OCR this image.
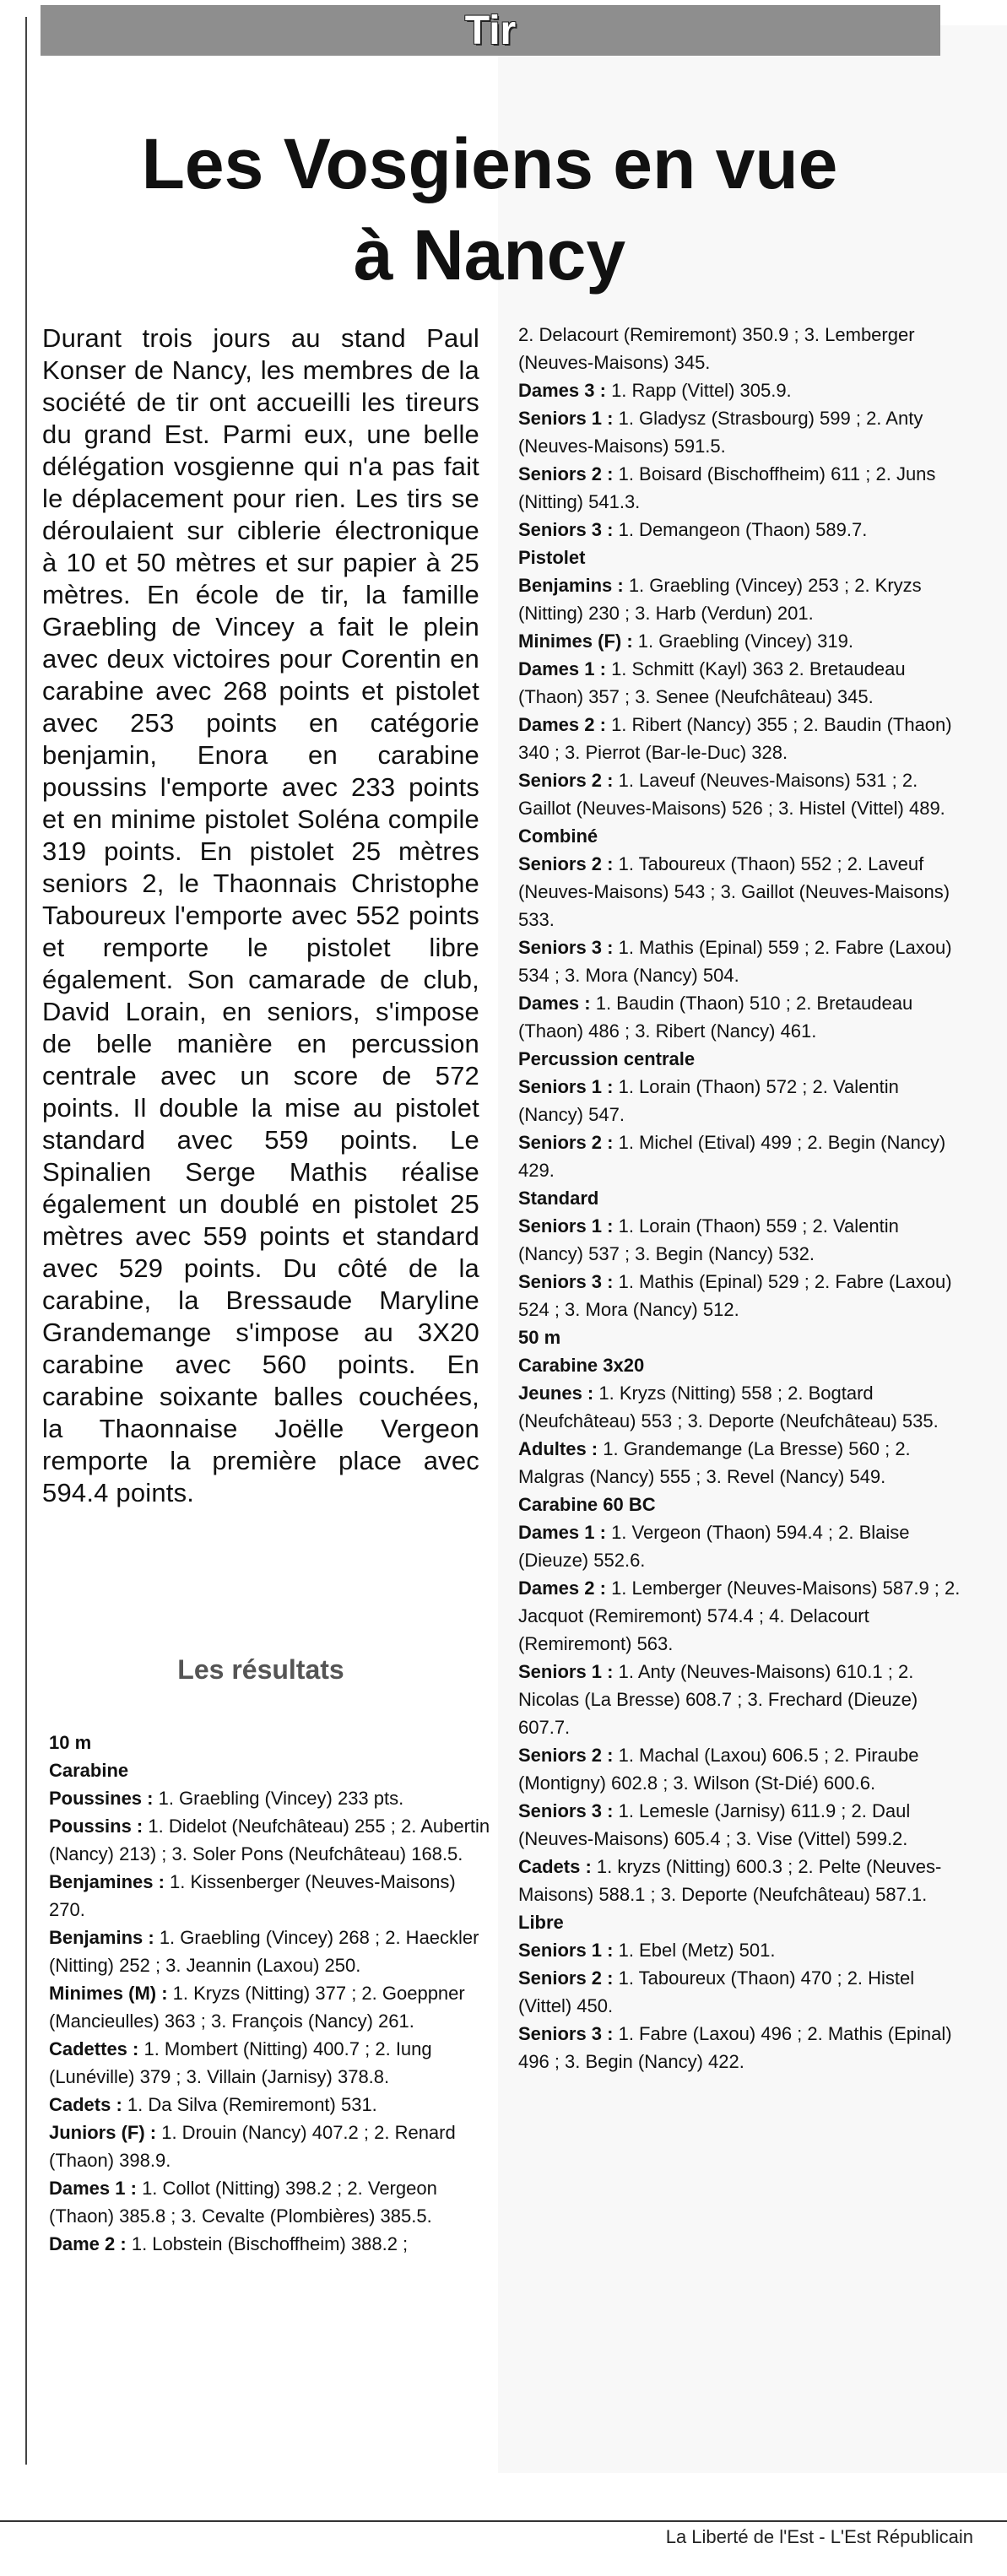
Tir
Les Vosgiens en vue
à Nancy

Durant trois jours au stand Paul Konser de Nancy, les membres de la société de tir ont accueilli les tireurs du grand Est. Parmi eux, une belle délégation vosgienne qui n'a pas fait le déplacement pour rien. Les tirs se déroulaient sur ciblerie électronique à 10 et 50 mètres et sur papier à 25 mètres. En école de tir, la famille Graebling de Vincey a fait le plein avec deux victoires pour Corentin en carabine avec 268 points et pistolet avec 253 points en catégorie benjamin, Enora en carabine poussins l'emporte avec 233 points et en minime pistolet Soléna compile 319 points. En pistolet 25 mètres seniors 2, le Thaonnais Christophe Taboureux l'emporte avec 552 points et remporte le pistolet libre également. Son camarade de club, David Lorain, en seniors, s'impose de belle manière en percussion centrale avec un score de 572 points. Il double la mise au pistolet standard avec 559 points. Le Spinalien Serge Mathis réalise également un doublé en pistolet 25 mètres avec 559 points et standard avec 529 points. Du côté de la carabine, la Bressaude Maryline Grandemange s'impose au 3X20 carabine avec 560 points. En carabine soixante balles couchées, la Thaonnaise Joëlle Vergeon remporte la première place avec 594.4 points.

Les résultats

10 m

Carabine

Poussines : 1. Graebling (Vincey) 233 pts.

Poussins : 1. Didelot (Neufchâteau) 255 ; 2. Aubertin (Nancy) 213) ; 3. Soler Pons (Neufchâteau) 168.5.

Benjamines : 1. Kissenberger (Neuves-Maisons) 270.

Benjamins : 1. Graebling (Vincey) 268 ; 2. Haeckler (Nitting) 252 ; 3. Jeannin (Laxou) 250.

Minimes (M) : 1. Kryzs (Nitting) 377 ; 2. Goeppner (Mancieulles) 363 ; 3. François (Nancy) 261.

Cadettes : 1. Mombert (Nitting) 400.7 ; 2. Iung (Lunéville) 379 ; 3. Villain (Jarnisy) 378.8.

Cadets : 1. Da Silva (Remiremont) 531.

Juniors (F) : 1. Drouin (Nancy) 407.2 ; 2. Renard (Thaon) 398.9.

Dames 1 : 1. Collot (Nitting) 398.2 ; 2. Vergeon (Thaon) 385.8 ; 3. Cevalte (Plombières) 385.5.

Dame 2 : 1. Lobstein (Bischoffheim) 388.2 ;

2. Delacourt (Remiremont) 350.9 ; 3. Lemberger (Neuves-Maisons) 345.

Dames 3 : 1. Rapp (Vittel) 305.9.

Seniors 1 : 1. Gladysz (Strasbourg) 599 ; 2. Anty (Neuves-Maisons) 591.5.

Seniors 2 : 1. Boisard (Bischoffheim) 611 ; 2. Juns (Nitting) 541.3.

Seniors 3 : 1. Demangeon (Thaon) 589.7.

Pistolet

Benjamins : 1. Graebling (Vincey) 253 ; 2. Kryzs (Nitting) 230 ; 3. Harb (Verdun) 201.

Minimes (F) : 1. Graebling (Vincey) 319.

Dames 1 : 1. Schmitt (Kayl) 363 2. Bretaudeau (Thaon) 357 ; 3. Senee (Neufchâteau) 345.

Dames 2 : 1. Ribert (Nancy) 355 ; 2. Baudin (Thaon) 340 ; 3. Pierrot (Bar-le-Duc) 328.

Seniors 2 : 1. Laveuf (Neuves-Maisons) 531 ; 2. Gaillot (Neuves-Maisons) 526 ; 3. Histel (Vittel) 489.

Combiné

Seniors 2 : 1. Taboureux (Thaon) 552 ; 2. Laveuf (Neuves-Maisons) 543 ; 3. Gaillot (Neuves-Maisons) 533.

Seniors 3 : 1. Mathis (Epinal) 559 ; 2. Fabre (Laxou) 534 ; 3. Mora (Nancy) 504.

Dames : 1. Baudin (Thaon) 510 ; 2. Bretaudeau (Thaon) 486 ; 3. Ribert (Nancy) 461.

Percussion centrale

Seniors 1 : 1. Lorain (Thaon) 572 ; 2. Valentin (Nancy) 547.

Seniors 2 : 1. Michel (Etival) 499 ; 2. Begin (Nancy) 429.

Standard

Seniors 1 : 1. Lorain (Thaon) 559 ; 2. Valentin (Nancy) 537 ; 3. Begin (Nancy) 532.

Seniors 3 : 1. Mathis (Epinal) 529 ; 2. Fabre (Laxou) 524 ; 3. Mora (Nancy) 512.

50 m

Carabine 3x20

Jeunes : 1. Kryzs (Nitting) 558 ; 2. Bogtard (Neufchâteau) 553 ; 3. Deporte (Neufchâteau) 535.

Adultes : 1. Grandemange (La Bresse) 560 ; 2. Malgras (Nancy) 555 ; 3. Revel (Nancy) 549.

Carabine 60 BC

Dames 1 : 1. Vergeon (Thaon) 594.4 ; 2. Blaise (Dieuze) 552.6.

Dames 2 : 1. Lemberger (Neuves-Maisons) 587.9 ; 2. Jacquot (Remiremont) 574.4 ; 4. Delacourt (Remiremont) 563.

Seniors 1 : 1. Anty (Neuves-Maisons) 610.1 ; 2. Nicolas (La Bresse) 608.7 ; 3. Frechard (Dieuze) 607.7.

Seniors 2 : 1. Machal (Laxou) 606.5 ; 2. Piraube (Montigny) 602.8 ; 3. Wilson (St-Dié) 600.6.

Seniors 3 : 1. Lemesle (Jarnisy) 611.9 ; 2. Daul (Neuves-Maisons) 605.4 ; 3. Vise (Vittel) 599.2.

Cadets : 1. kryzs (Nitting) 600.3 ; 2. Pelte (Neuves-Maisons) 588.1 ; 3. Deporte (Neufchâteau) 587.1.

Libre

Seniors 1 : 1. Ebel (Metz) 501.

Seniors 2 : 1. Taboureux (Thaon) 470 ; 2. Histel (Vittel) 450.

Seniors 3 : 1. Fabre (Laxou) 496 ; 2. Mathis (Epinal) 496 ; 3. Begin (Nancy) 422.

La Liberté de l'Est - L'Est Républicain
